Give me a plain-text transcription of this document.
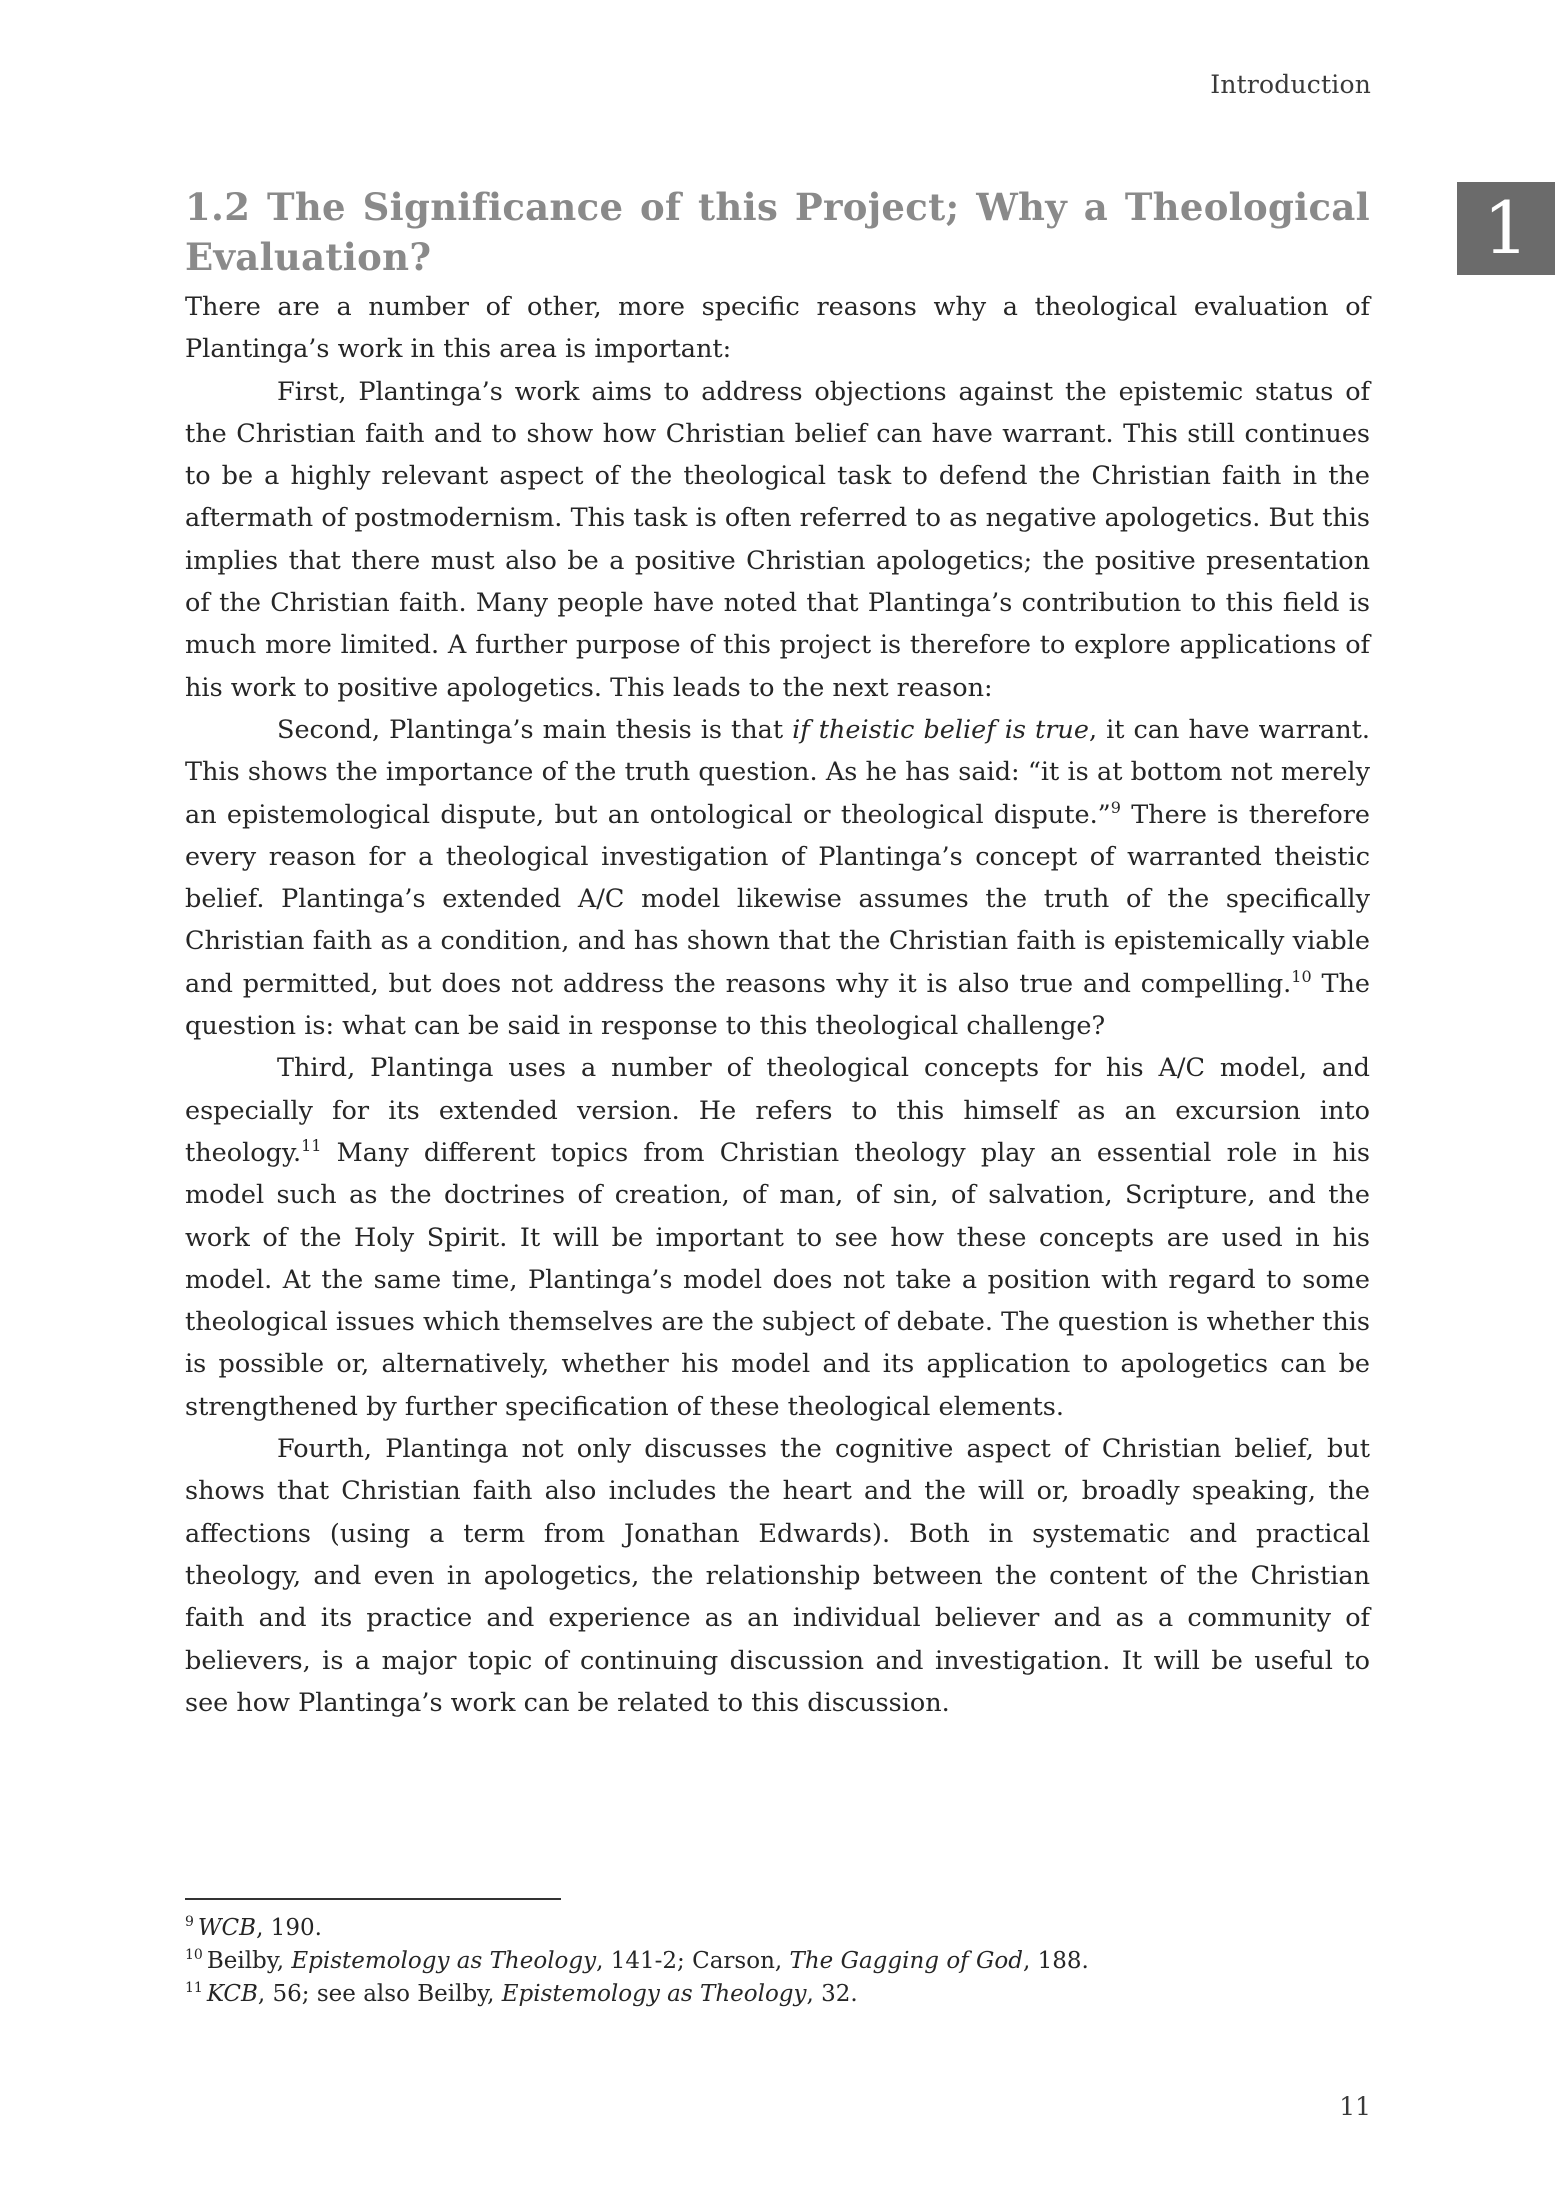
Introduction
1
1.2 The Significance of this Project; Why a Theological Evaluation?

There are a number of other, more specific reasons why a theological evaluation of Plantinga’s work in this area is important:

First, Plantinga’s work aims to address objections against the epistemic status of the Christian faith and to show how Christian belief can have warrant. This still continues to be a highly relevant aspect of the theological task to defend the Christian faith in the aftermath of postmodernism. This task is often referred to as negative apologetics. But this implies that there must also be a positive Christian apologetics; the positive presentation of the Christian faith. Many people have noted that Plantinga’s contribution to this field is much more limited. A further purpose of this project is therefore to explore applications of his work to positive apologetics. This leads to the next reason:

Second, Plantinga’s main thesis is that if theistic belief is true, it can have warrant. This shows the importance of the truth question. As he has said: “it is at bottom not merely an epistemological dispute, but an ontological or theological dispute.”$^9$ There is therefore every reason for a theological investigation of Plantinga’s concept of warranted theistic belief. Plantinga’s extended A/C model likewise assumes the truth of the specifically Christian faith as a condition, and has shown that the Christian faith is epistemically viable and permitted, but does not address the reasons why it is also true and compelling.$^{10}$ The question is: what can be said in response to this theological challenge?

Third, Plantinga uses a number of theological concepts for his A/C model, and especially for its extended version. He refers to this himself as an excursion into theology.$^{11}$ Many different topics from Christian theology play an essential role in his model such as the doctrines of creation, of man, of sin, of salvation, Scripture, and the work of the Holy Spirit. It will be important to see how these concepts are used in his model. At the same time, Plantinga’s model does not take a position with regard to some theological issues which themselves are the subject of debate. The question is whether this is possible or, alternatively, whether his model and its application to apologetics can be strengthened by further specification of these theological elements.

Fourth, Plantinga not only discusses the cognitive aspect of Christian belief, but shows that Christian faith also includes the heart and the will or, broadly speaking, the affections (using a term from Jonathan Edwards). Both in systematic and practical theology, and even in apologetics, the relationship between the content of the Christian faith and its practice and experience as an individual believer and as a community of believers, is a major topic of continuing discussion and investigation. It will be useful to see how Plantinga’s work can be related to this discussion.

$^9$ WCB, 190.
$^{10}$ Beilby, Epistemology as Theology, 141-2; Carson, The Gagging of God, 188.
$^{11}$ KCB, 56; see also Beilby, Epistemology as Theology, 32.
11
